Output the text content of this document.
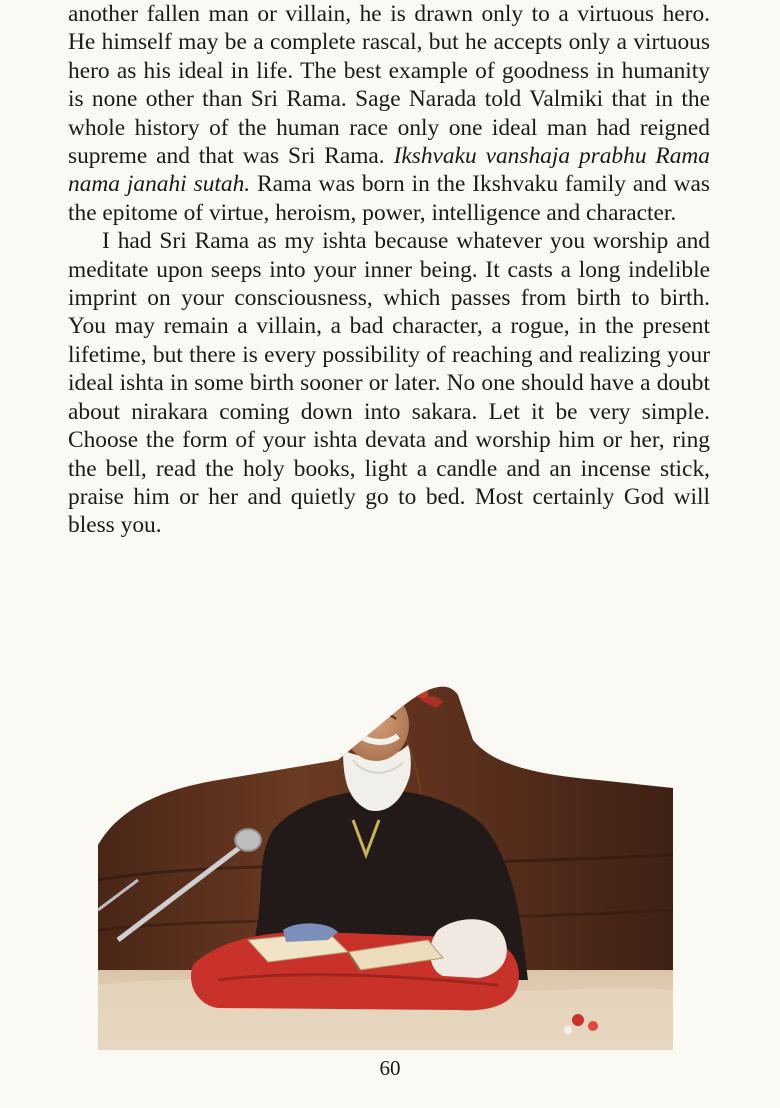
another fallen man or villain, he is drawn only to a virtuous hero. He himself may be a complete rascal, but he accepts only a virtuous hero as his ideal in life. The best example of goodness in humanity is none other than Sri Rama. Sage Narada told Valmiki that in the whole history of the human race only one ideal man had reigned supreme and that was Sri Rama. Ikshvaku vanshaja prabhu Rama nama janahi sutah. Rama was born in the Ikshvaku family and was the epitome of virtue, heroism, power, intelligence and character.

I had Sri Rama as my ishta because whatever you worship and meditate upon seeps into your inner being. It casts a long indelible imprint on your consciousness, which passes from birth to birth. You may remain a villain, a bad character, a rogue, in the present lifetime, but there is every possibility of reaching and realizing your ideal ishta in some birth sooner or later. No one should have a doubt about nirakara coming down into sakara. Let it be very simple. Choose the form of your ishta devata and worship him or her, ring the bell, read the holy books, light a candle and an incense stick, praise him or her and quietly go to bed. Most certainly God will bless you.

60
